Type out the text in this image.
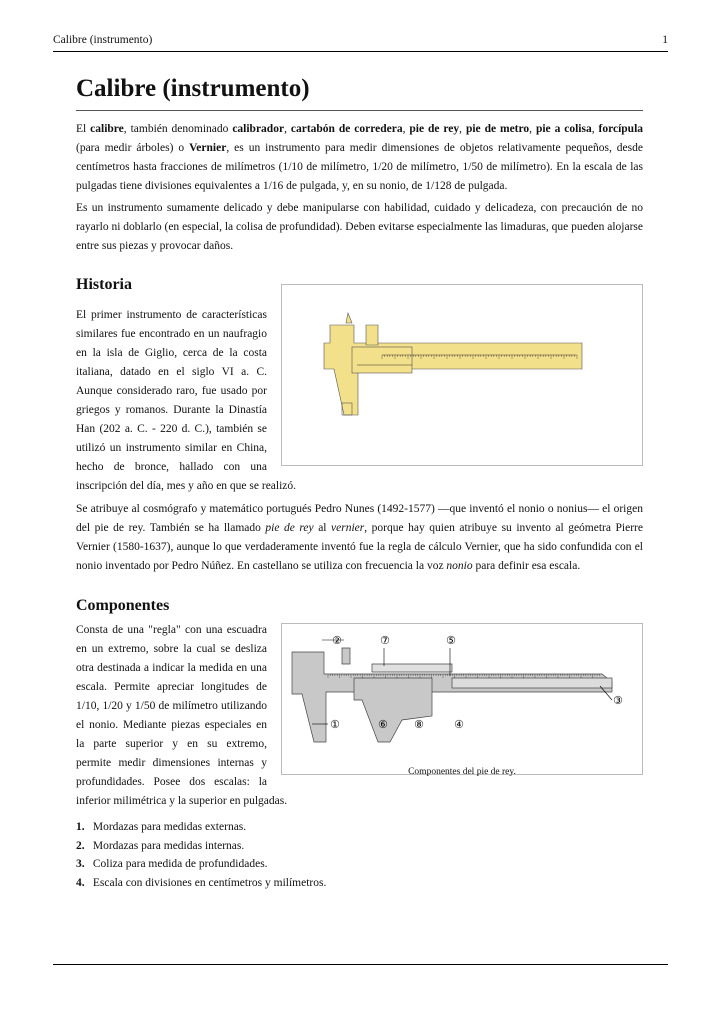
Calibre (instrumento)	1
Calibre (instrumento)

El calibre, también denominado calibrador, cartabón de corredera, pie de rey, pie de metro, pie a colisa, forcípula (para medir árboles) o Vernier, es un instrumento para medir dimensiones de objetos relativamente pequeños, desde centímetros hasta fracciones de milímetros (1/10 de milímetro, 1/20 de milímetro, 1/50 de milímetro). En la escala de las pulgadas tiene divisiones equivalentes a 1/16 de pulgada, y, en su nonio, de 1/128 de pulgada.

Es un instrumento sumamente delicado y debe manipularse con habilidad, cuidado y delicadeza, con precaución de no rayarlo ni doblarlo (en especial, la colisa de profundidad). Deben evitarse especialmente las limaduras, que pueden alojarse entre sus piezas y provocar daños.

Historia

El primer instrumento de características similares fue encontrado en un naufragio en la isla de Giglio, cerca de la costa italiana, datado en el siglo VI a. C. Aunque considerado raro, fue usado por griegos y romanos. Durante la Dinastía Han (202 a. C. - 220 d. C.), también se utilizó un instrumento similar en China, hecho de bronce, hallado con una inscripción del día, mes y año en que se realizó.

Se atribuye al cosmógrafo y matemático portugués Pedro Nunes (1492-1577) ―que inventó el nonio o nonius― el origen del pie de rey. También se ha llamado pie de rey al vernier, porque hay quien atribuye su invento al geómetra Pierre Vernier (1580-1637), aunque lo que verdaderamente inventó fue la regla de cálculo Vernier, que ha sido confundida con el nonio inventado por Pedro Núñez. En castellano se utiliza con frecuencia la voz nonio para definir esa escala.

Componentes
②	⑦	⑤
③
①	⑥ ⑧	④
Componentes del pie de rey.

Consta de una "regla" con una escuadra en un extremo, sobre la cual se desliza otra destinada a indicar la medida en una escala. Permite apreciar longitudes de 1/10, 1/20 y 1/50 de milímetro utilizando el nonio. Mediante piezas especiales en la parte superior y en su extremo, permite medir dimensiones internas y profundidades. Posee dos escalas: la inferior milimétrica y la superior en pulgadas.

1. Mordazas para medidas externas.
2. Mordazas para medidas internas.
3. Coliza para medida de profundidades.
4. Escala con divisiones en centímetros y milímetros.
